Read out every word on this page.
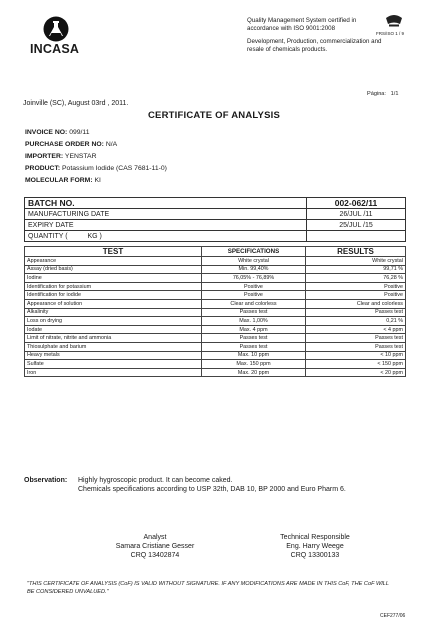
INCASA
Quality Management System certified in accordance with ISO 9001:2008
Development, Production, commercialization and resale of chemicals products.
FRS/ISO 1 / 9
Página: 1/1
Joinville (SC), August 03rd , 2011.
CERTIFICATE OF ANALYSIS
INVOICE NO: 099/11
PURCHASE ORDER NO: N/A
IMPORTER: YENSTAR
PRODUCT: Potassium Iodide (CAS 7681-11-0)
MOLECULAR FORM: KI
BATCH NO.	002-062/11
MANUFACTURING DATE	26/JUL /11
EXPIRY DATE	25/JUL /15
QUANTITY ( KG )	
TEST	SPECIFICATIONS	RESULTS
Appearance	White crystal	White crystal
Assay (dried basis)	Min. 99,40%	99,71 %
Iodine	76,05% - 76,89%	76,28 %
Identification for potassium	Positive	Positive
Identification for iodide	Positive	Positive
Appearance of solution	Clear and colorless	Clear and colorless
Alkalinity	Passes test	Passes test
Loss on drying	Max. 1,00%	0,21 %
Iodate	Max. 4 ppm	< 4 ppm
Limit of nitrate, nitrite and ammonia	Passes test	Passes test
Thiosulphate and barium	Passes test	Passes test
Heavy metals	Max. 10 ppm	< 10 ppm
Sulfate	Max. 150 ppm	< 150 ppm
Iron	Max. 20 ppm	< 20 ppm
Observation: Highly hygroscopic product. It can become caked.
Chemicals specifications according to USP 32th, DAB 10, BP 2000 and Euro Pharm 6.
Analyst
Samara Cristiane Gesser
CRQ 13402874
Technical Responsible
Eng. Harry Weege
CRQ 13300133
"THIS CERTIFICATE OF ANALYSIS (CoF) IS VALID WITHOUT SIGNATURE. IF ANY MODIFICATIONS ARE MADE IN THIS CoF, THE CoF WILL BE CONSIDERED UNVALUED."
CEF277/06
